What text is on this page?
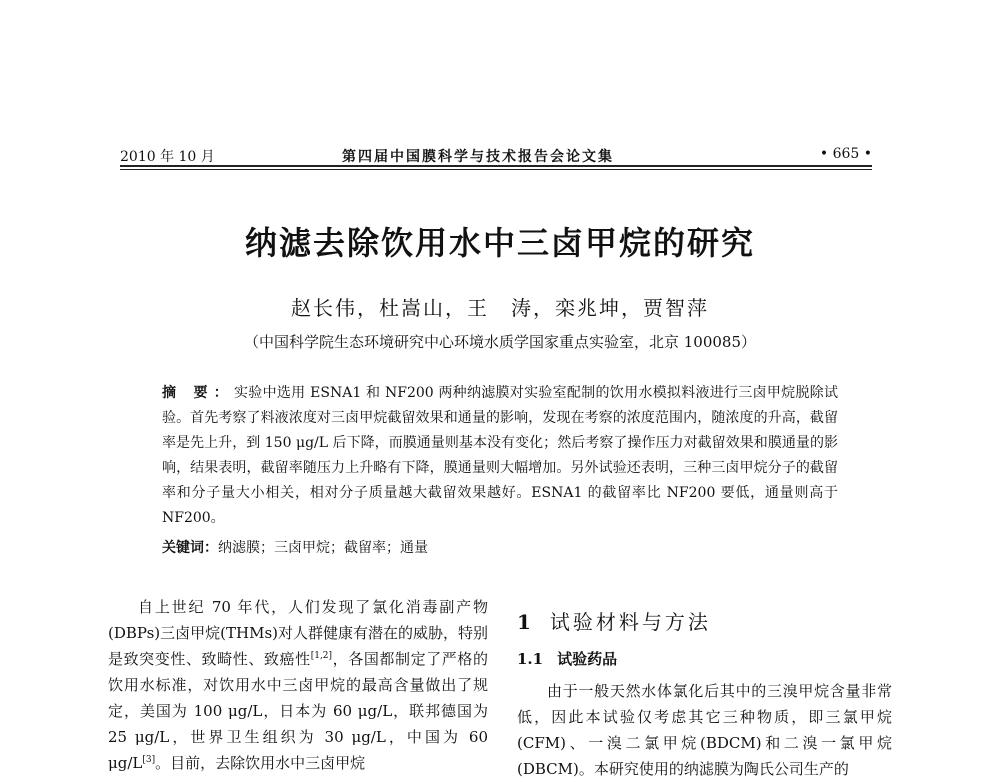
2010 年 10 月	第四届中国膜科学与技术报告会论文集	• 665 •
纳滤去除饮用水中三卤甲烷的研究
赵长伟，杜嵩山，王　涛，栾兆坤，贾智萍
（中国科学院生态环境研究中心环境水质学国家重点实验室，北京 100085）
摘 要：实验中选用 ESNA1 和 NF200 两种纳滤膜对实验室配制的饮用水模拟料液进行三卤甲烷脱除试验。首先考察了料液浓度对三卤甲烷截留效果和通量的影响，发现在考察的浓度范围内，随浓度的升高，截留率是先上升，到 150 μg/L 后下降，而膜通量则基本没有变化；然后考察了操作压力对截留效果和膜通量的影响，结果表明，截留率随压力上升略有下降，膜通量则大幅增加。另外试验还表明，三种三卤甲烷分子的截留率和分子量大小相关，相对分子质量越大截留效果越好。ESNA1 的截留率比 NF200 要低，通量则高于 NF200。
关键词：纳滤膜；三卤甲烷；截留率；通量
自上世纪 70 年代，人们发现了氯化消毒副产物(DBPs)三卤甲烷(THMs)对人群健康有潜在的威胁，特别是致突变性、致畸性、致癌性[1,2]，各国都制定了严格的饮用水标准，对饮用水中三卤甲烷的最高含量做出了规定，美国为 100 μg/L，日本为 60 μg/L，联邦德国为 25 μg/L，世界卫生组织为 30 μg/L，中国为 60 μg/L[3]。目前，去除饮用水中三卤甲烷
1 试验材料与方法
1.1 试验药品
由于一般天然水体氯化后其中的三溴甲烷含量非常低，因此本试验仅考虑其它三种物质，即三氯甲烷(CFM)、一溴二氯甲烷(BDCM)和二溴一氯甲烷(DBCM)。本研究使用的纳滤膜为陶氏公司生产的
